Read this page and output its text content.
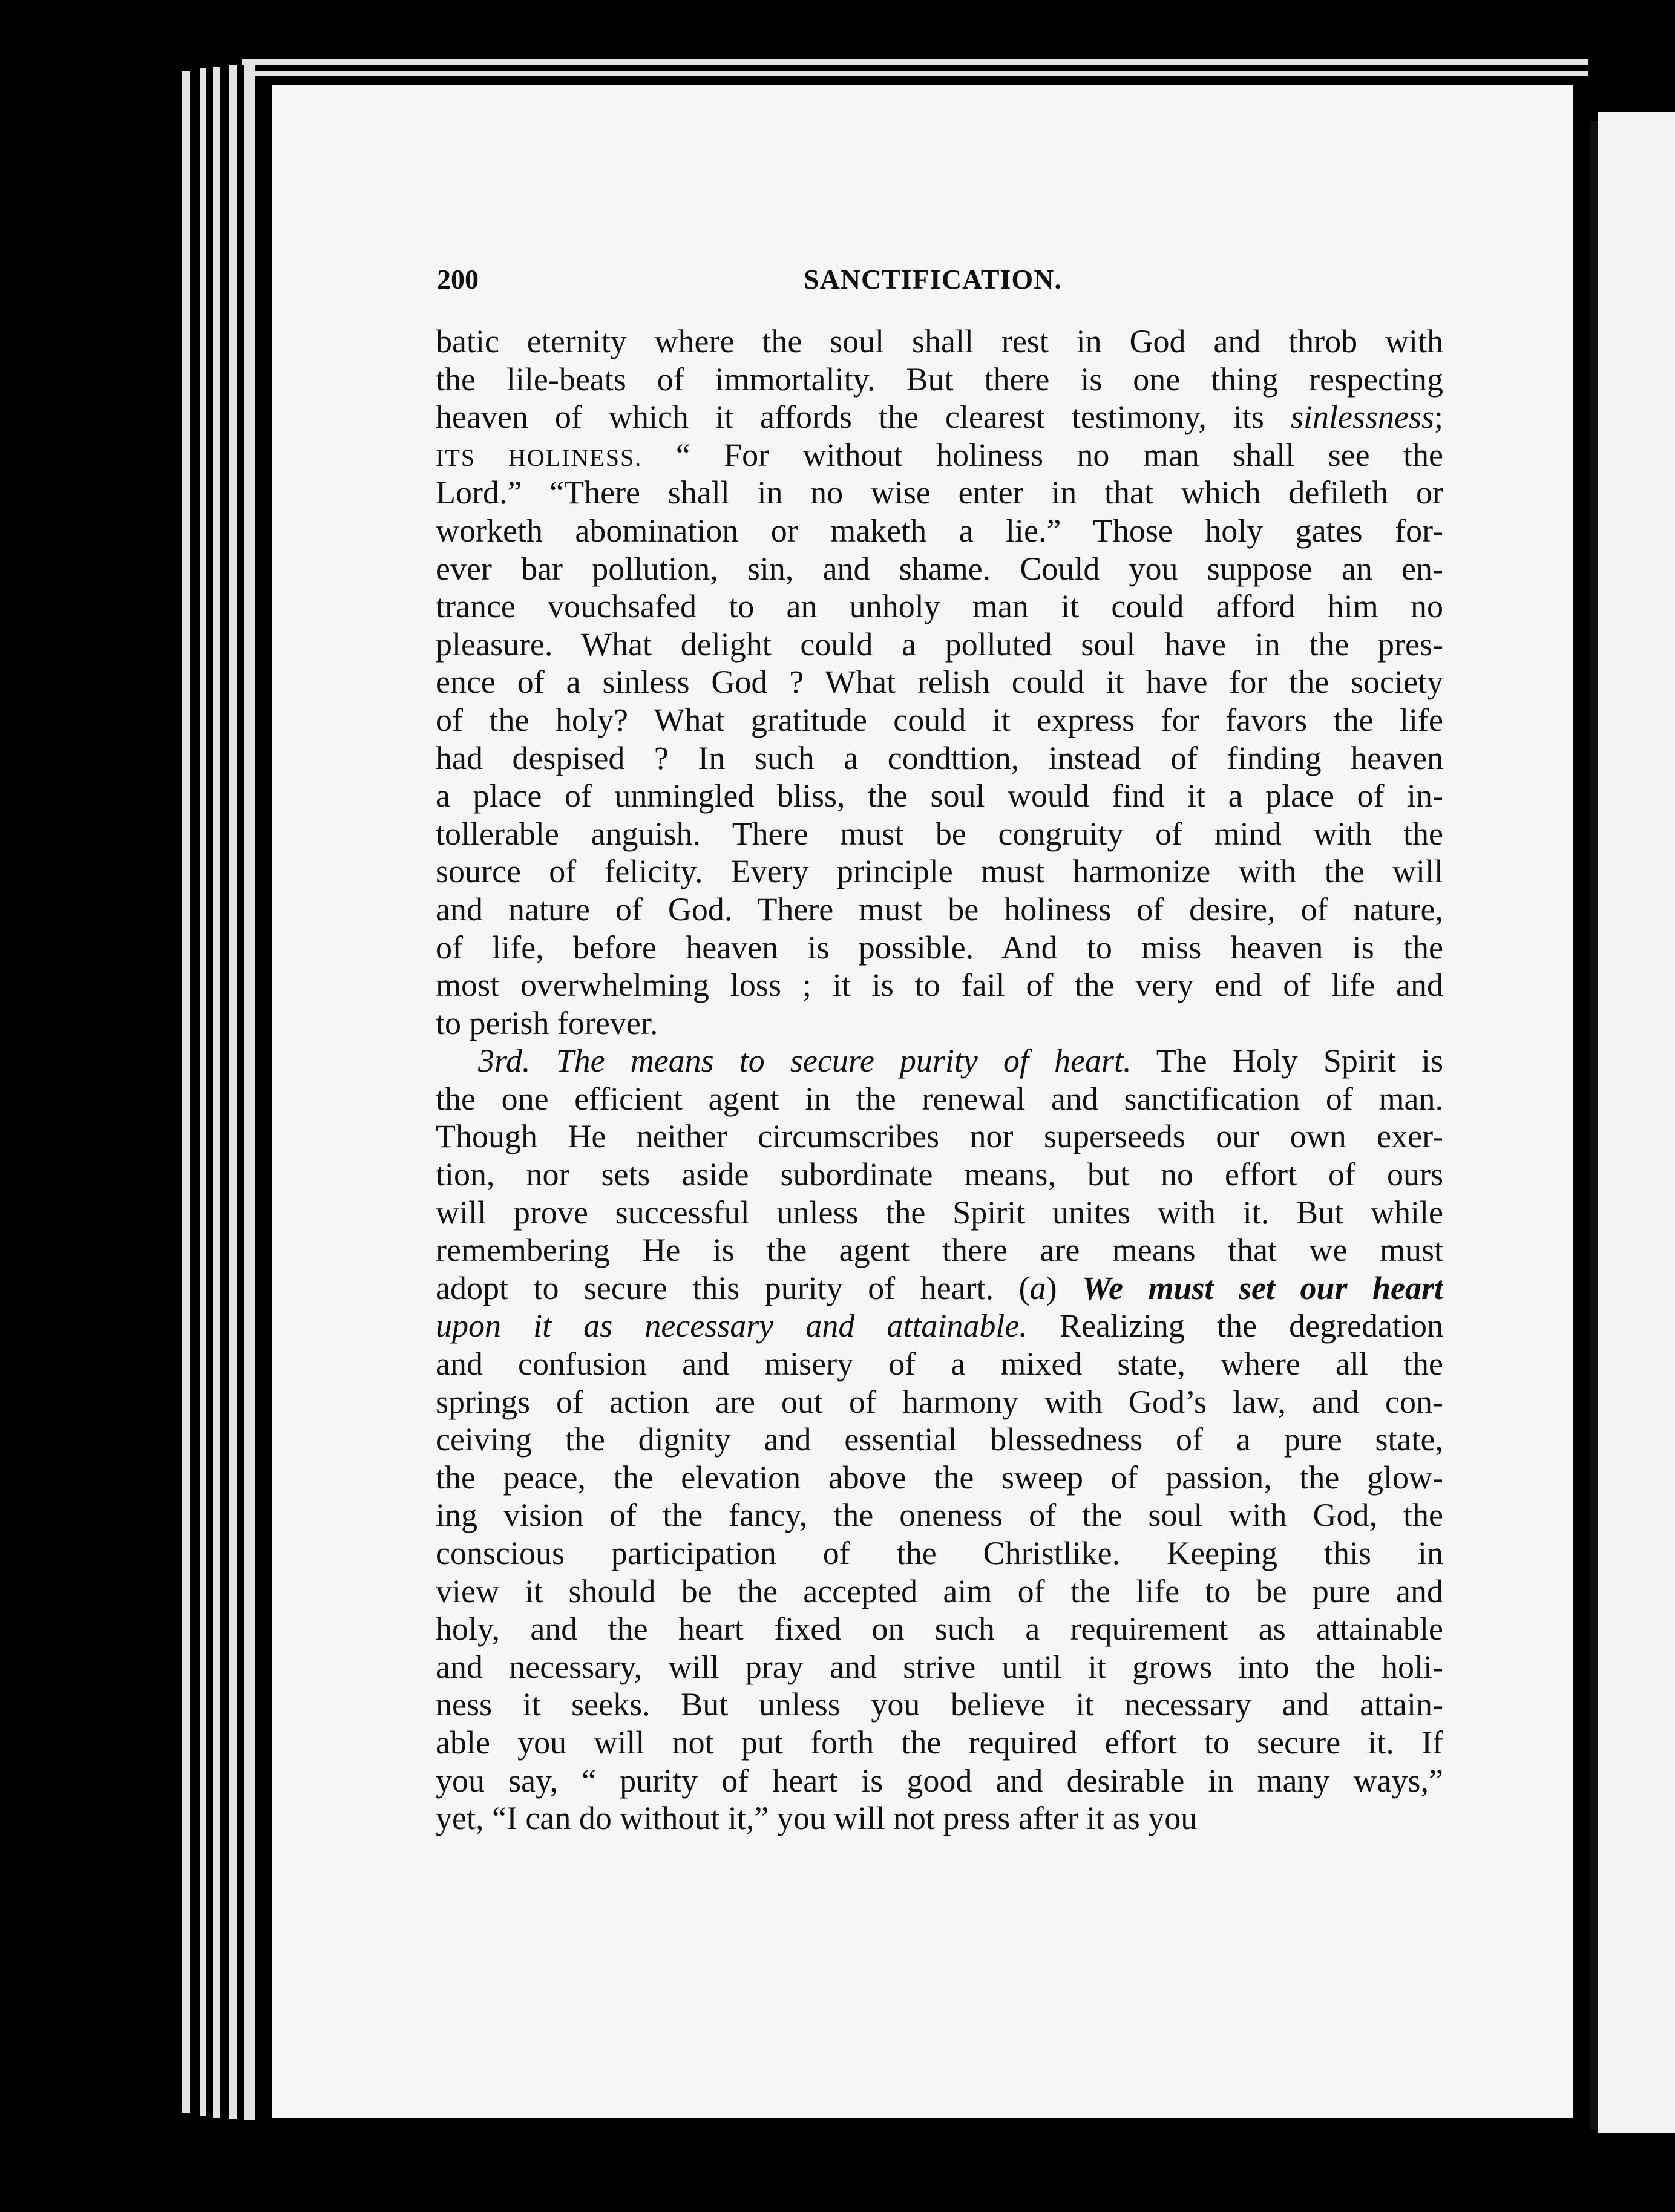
200	SANCTIFICATION.
batic eternity where the soul shall rest in God and throb with
the lile-beats of immortality. But there is one thing respecting
heaven of which it affords the clearest testimony, its sinlessness;
ITS HOLINESS. “ For without holiness no man shall see the
Lord.” “There shall in no wise enter in that which defileth or
worketh abomination or maketh a lie.” Those holy gates for-
ever bar pollution, sin, and shame. Could you suppose an en-
trance vouchsafed to an unholy man it could afford him no
pleasure. What delight could a polluted soul have in the pres-
ence of a sinless God ? What relish could it have for the society
of the holy? What gratitude could it express for favors the life
had despised ? In such a condttion, instead of finding heaven
a place of unmingled bliss, the soul would find it a place of in-
tollerable anguish. There must be congruity of mind with the
source of felicity. Every principle must harmonize with the will
and nature of God. There must be holiness of desire, of nature,
of life, before heaven is possible. And to miss heaven is the
most overwhelming loss ; it is to fail of the very end of life and
to perish forever.
3rd. The means to secure purity of heart. The Holy Spirit is
the one efficient agent in the renewal and sanctification of man.
Though He neither circumscribes nor superseeds our own exer-
tion, nor sets aside subordinate means, but no effort of ours
will prove successful unless the Spirit unites with it. But while
remembering He is the agent there are means that we must
adopt to secure this purity of heart. (a) We must set our heart
upon it as necessary and attainable. Realizing the degredation
and confusion and misery of a mixed state, where all the
springs of action are out of harmony with God’s law, and con-
ceiving the dignity and essential blessedness of a pure state,
the peace, the elevation above the sweep of passion, the glow-
ing vision of the fancy, the oneness of the soul with God, the
conscious participation of the Christlike. Keeping this in
view it should be the accepted aim of the life to be pure and
holy, and the heart fixed on such a requirement as attainable
and necessary, will pray and strive until it grows into the holi-
ness it seeks. But unless you believe it necessary and attain-
able you will not put forth the required effort to secure it. If
you say, “ purity of heart is good and desirable in many ways,”
yet, “I can do without it,” you will not press after it as you
